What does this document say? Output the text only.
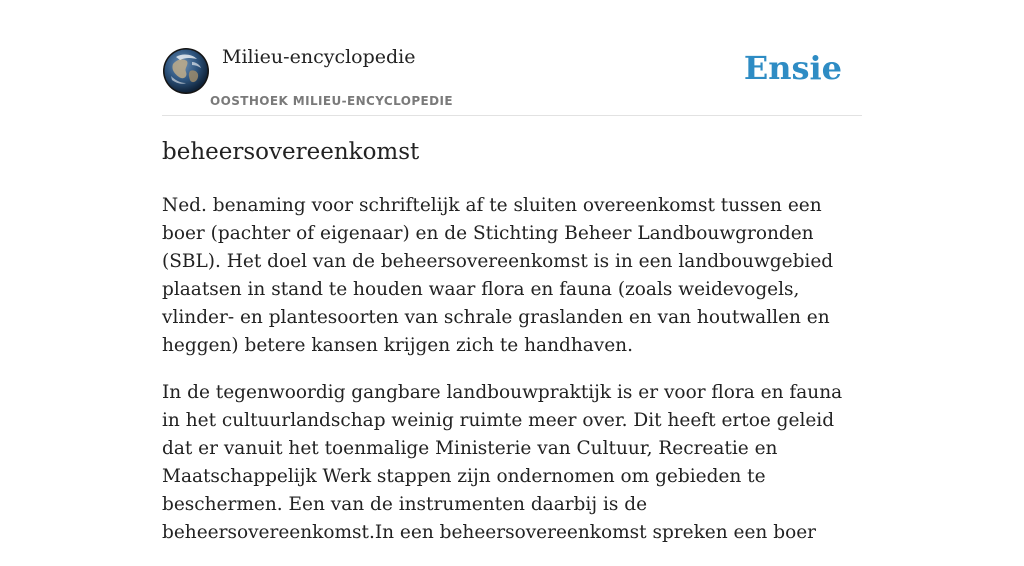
Milieu-encyclopedie
OOSTHOEK MILIEU-ENCYCLOPEDIE
Ensie
beheersovereenkomst

Ned. benaming voor schriftelijk af te sluiten overeenkomst tussen een boer (pachter of eigenaar) en de Stichting Beheer Landbouwgronden (SBL). Het doel van de beheersovereenkomst is in een landbouwgebied plaatsen in stand te houden waar flora en fauna (zoals weidevogels, vlinder- en plantesoorten van schrale graslanden en van houtwallen en heggen) betere kansen krijgen zich te handhaven.

In de tegenwoordig gangbare landbouwpraktijk is er voor flora en fauna in het cultuurlandschap weinig ruimte meer over. Dit heeft ertoe geleid dat er vanuit het toenmalige Ministerie van Cultuur, Recreatie en Maatschappelijk Werk stappen zijn ondernomen om gebieden te beschermen. Een van de instrumenten daarbij is de beheersovereenkomst.In een beheersovereenkomst spreken een boer
